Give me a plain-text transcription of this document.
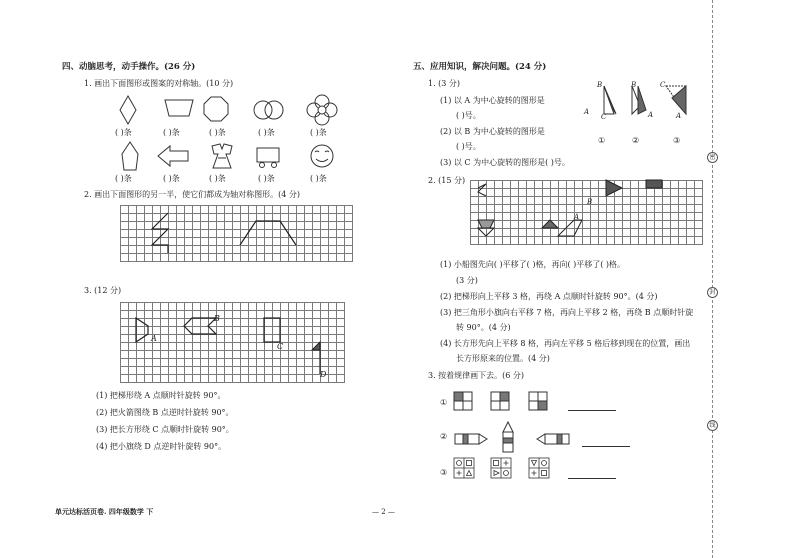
四、动脑思考，动手操作。(26 分)
1. 画出下面图形或图案的对称轴。(10 分)
( )条	( )条	( )条	( )条	( )条
( )条	( )条	( )条	( )条	( )条
2. 画出下面图形的另一半，使它们都成为轴对称图形。(4 分)
3. (12 分)
A
B
C
D
(1) 把梯形绕 A 点顺时针旋转 90°。
(2) 把火箭图绕 B 点逆时针旋转 90°。
(3) 把长方形绕 C 点顺时针旋转 90°。
(4) 把小旗绕 D 点逆时针旋转 90°。
五、应用知识，解决问题。(24 分)
1. (3 分)
(1) 以 A 为中心旋转的图形是
( )号。
(2) 以 B 为中心旋转的图形是
( )号。
(3) 以 C 为中心旋转的图形是( )号。
B
A
C
B
A
C
A
①	②	③
2. (15 分)
B
A
(1) 小船图先向( )平移了( )格，再向( )平移了( )格。
(3 分)
(2) 把梯形向上平移 3 格，再绕 A 点顺时针旋转 90°。(4 分)
(3) 把三角形小旗向右平移 7 格，再向上平移 2 格，再绕 B 点顺时针旋
转 90°。(4 分)
(4) 长方形先向上平移 8 格，再向左平移 5 格后移到现在的位置，画出
长方形原来的位置。(4 分)
3. 按着规律画下去。(6 分)
①
②
③
单元达标活页卷. 四年级数学 下	— 2 —
密
封
线
